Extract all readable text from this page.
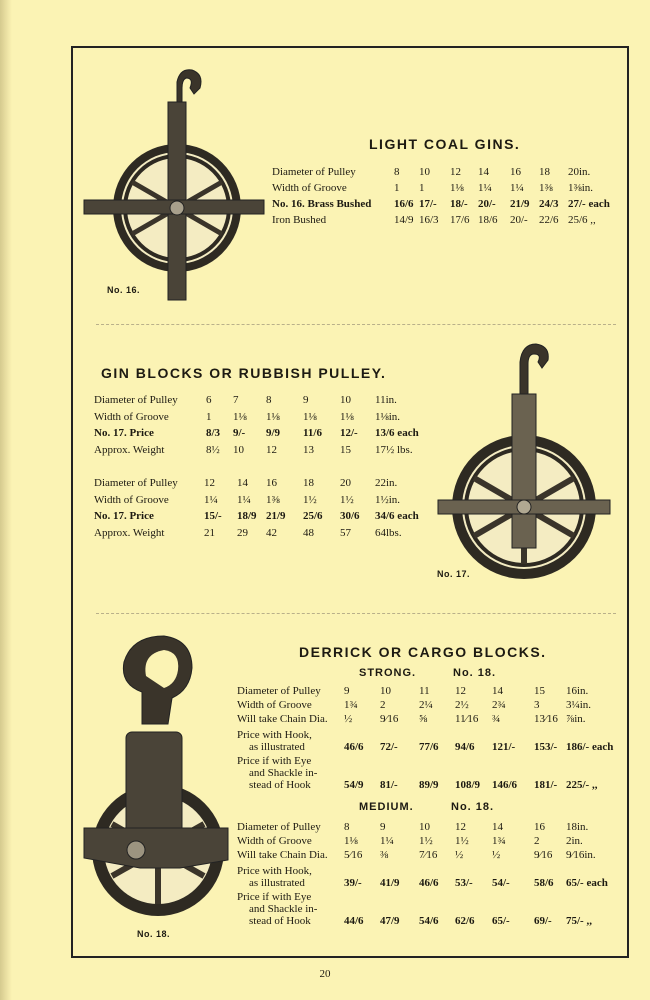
No. 16.
LIGHT COAL GINS.
Diameter of Pulley	8 10 12 14 16 18 20in.
Width of Groove	1 1 1⅛ 1¼ 1¼ 1⅜ 1⅜in.
No. 16. Brass Bushed 16/6 17/- 18/- 20/- 21/9 24/3 27/- each
Iron Bushed	14/9 16/3 17/6 18/6 20/- 22/6 25/6 ,,
GIN BLOCKS OR RUBBISH PULLEY.
Diameter of Pulley	6 7	8	9	10 11in.
Width of Groove	1 1⅛ 1⅛ 1⅛ 1⅛ 1⅛in.
No. 17. Price	8/3 9/- 9/9 11/6 12/- 13/6 each
Approx. Weight	8½ 10 12 13 15 17½ lbs.
Diameter of Pulley 12 14 16 18 20 22in.
Width of Groove	1¼ 1¼ 1⅜ 1½ 1½ 1½in.
No. 17. Price	15/- 18/9 21/9 25/6 30/6 34/6 each
Approx. Weight	21 29 42 48 57 64lbs.
No. 17.
DERRICK OR CARGO BLOCKS.
STRONG.	No. 18.
Diameter of Pulley 9	10	11 12 14	15 16in.
Width of Groove	1¾ 2	2¼ 2½ 2¾	3 3¼in.
Will take Chain Dia. ½	9⁄16 ⅝	11⁄16 ¾	13⁄16 ⅞in.
Price with Hook,
as illustrated	46/6 72/- 77/6 94/6 121/- 153/- 186/- each
Price if with Eye
and Shackle in-
stead of Hook	54/9 81/- 89/9 108/9 146/6 181/- 225/- ,,
MEDIUM.	No. 18.
Diameter of Pulley 8	9	10 12 14	16 18in.
Width of Groove	1⅛ 1¼ 1½ 1½ 1¾	2 2in.
Will take Chain Dia. 5⁄16 ⅜	7⁄16 ½	½	9⁄16 9⁄16in.
Price with Hook,
as illustrated	39/- 41/9 46/6 53/- 54/- 58/6 65/- each
Price if with Eye
and Shackle in-
stead of Hook	44/6 47/9 54/6 62/6 65/- 69/- 75/- ,,
No. 18.
20
